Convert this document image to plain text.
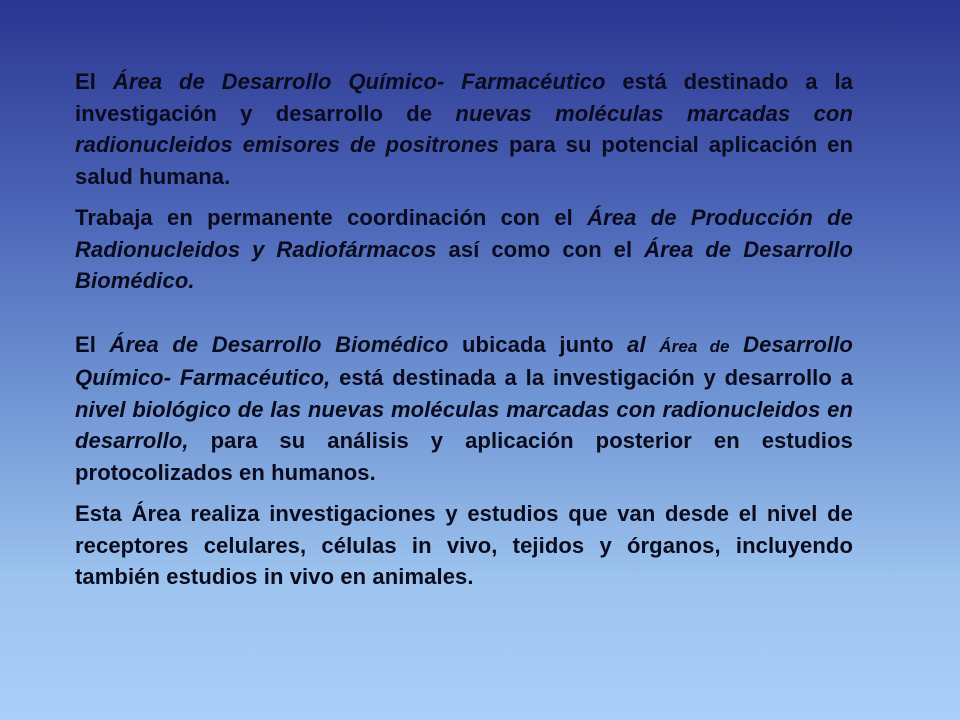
El Área de Desarrollo Químico- Farmacéutico está destinado a la investigación y desarrollo de nuevas moléculas marcadas con radionucleidos emisores de positrones para su potencial aplicación en salud humana.

Trabaja en permanente coordinación con el Área de Producción de Radionucleidos y Radiofármacos así como con el Área de Desarrollo Biomédico.

El Área de Desarrollo Biomédico ubicada junto al Área de Desarrollo Químico- Farmacéutico, está destinada a la investigación y desarrollo a nivel biológico de las nuevas moléculas marcadas con radionucleidos en desarrollo, para su análisis y aplicación posterior en estudios protocolizados en humanos.

Esta Área realiza investigaciones y estudios que van desde el nivel de receptores celulares, células in vivo, tejidos y órganos, incluyendo también estudios in vivo en animales.
